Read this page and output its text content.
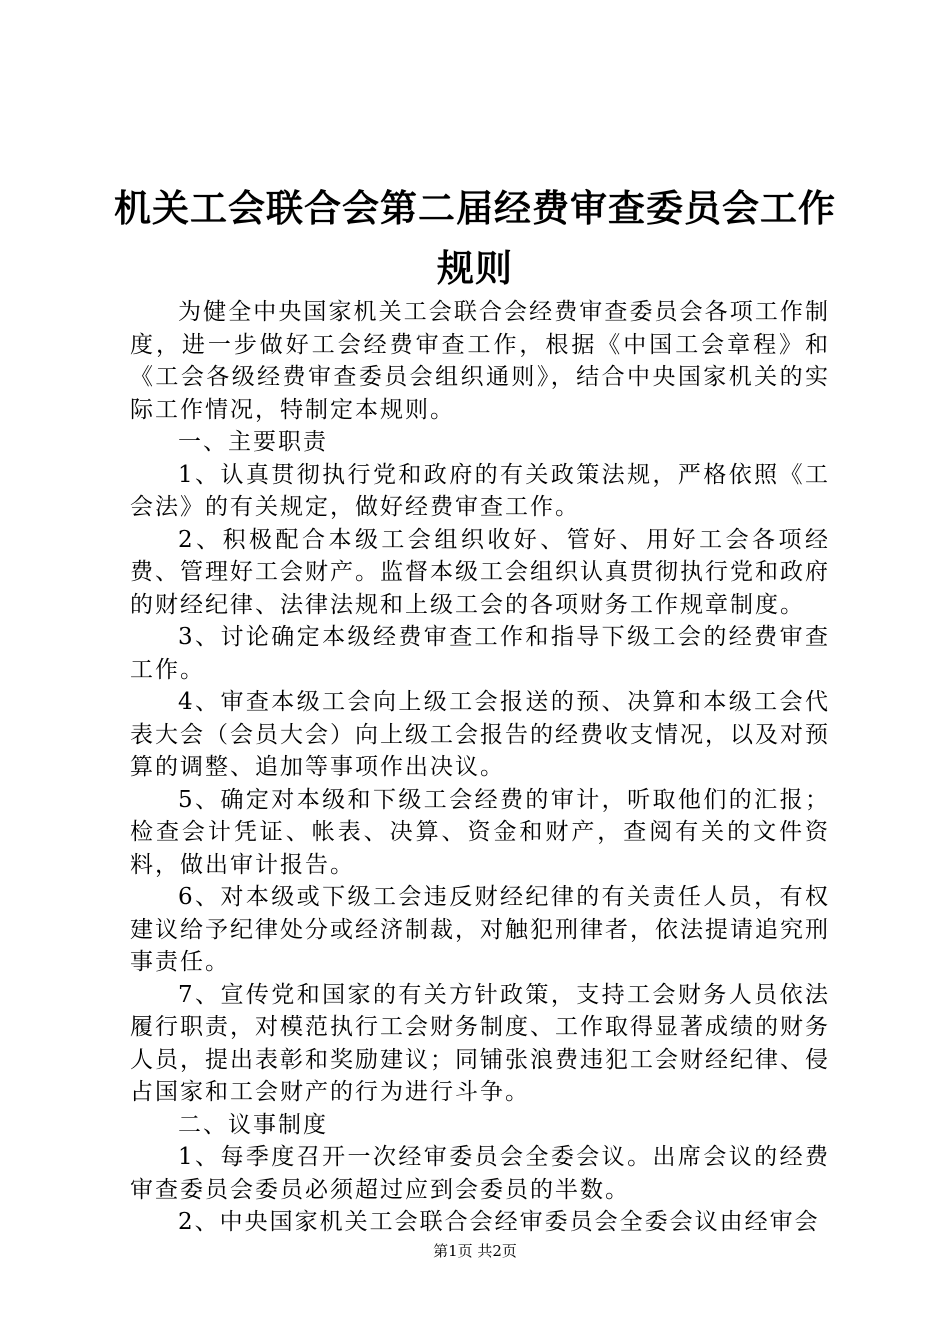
机关工会联合会第二届经费审查委员会工作规则

为健全中央国家机关工会联合会经费审查委员会各项工作制度，进一步做好工会经费审查工作，根据《中国工会章程》和《工会各级经费审查委员会组织通则》，结合中央国家机关的实际工作情况，特制定本规则。

一、主要职责

1、认真贯彻执行党和政府的有关政策法规，严格依照《工会法》的有关规定，做好经费审查工作。

2、积极配合本级工会组织收好、管好、用好工会各项经费、管理好工会财产。监督本级工会组织认真贯彻执行党和政府的财经纪律、法律法规和上级工会的各项财务工作规章制度。

3、讨论确定本级经费审查工作和指导下级工会的经费审查工作。

4、审查本级工会向上级工会报送的预、决算和本级工会代表大会（会员大会）向上级工会报告的经费收支情况，以及对预算的调整、追加等事项作出决议。

5、确定对本级和下级工会经费的审计，听取他们的汇报；检查会计凭证、帐表、决算、资金和财产，查阅有关的文件资料，做出审计报告。

6、对本级或下级工会违反财经纪律的有关责任人员，有权建议给予纪律处分或经济制裁，对触犯刑律者，依法提请追究刑事责任。

7、宣传党和国家的有关方针政策，支持工会财务人员依法履行职责，对模范执行工会财务制度、工作取得显著成绩的财务人员，提出表彰和奖励建议；同铺张浪费违犯工会财经纪律、侵占国家和工会财产的行为进行斗争。

二、议事制度

1、每季度召开一次经审委员会全委会议。出席会议的经费审查委员会委员必须超过应到会委员的半数。

2、中央国家机关工会联合会经审委员会全委会议由经审会

第1页 共2页
